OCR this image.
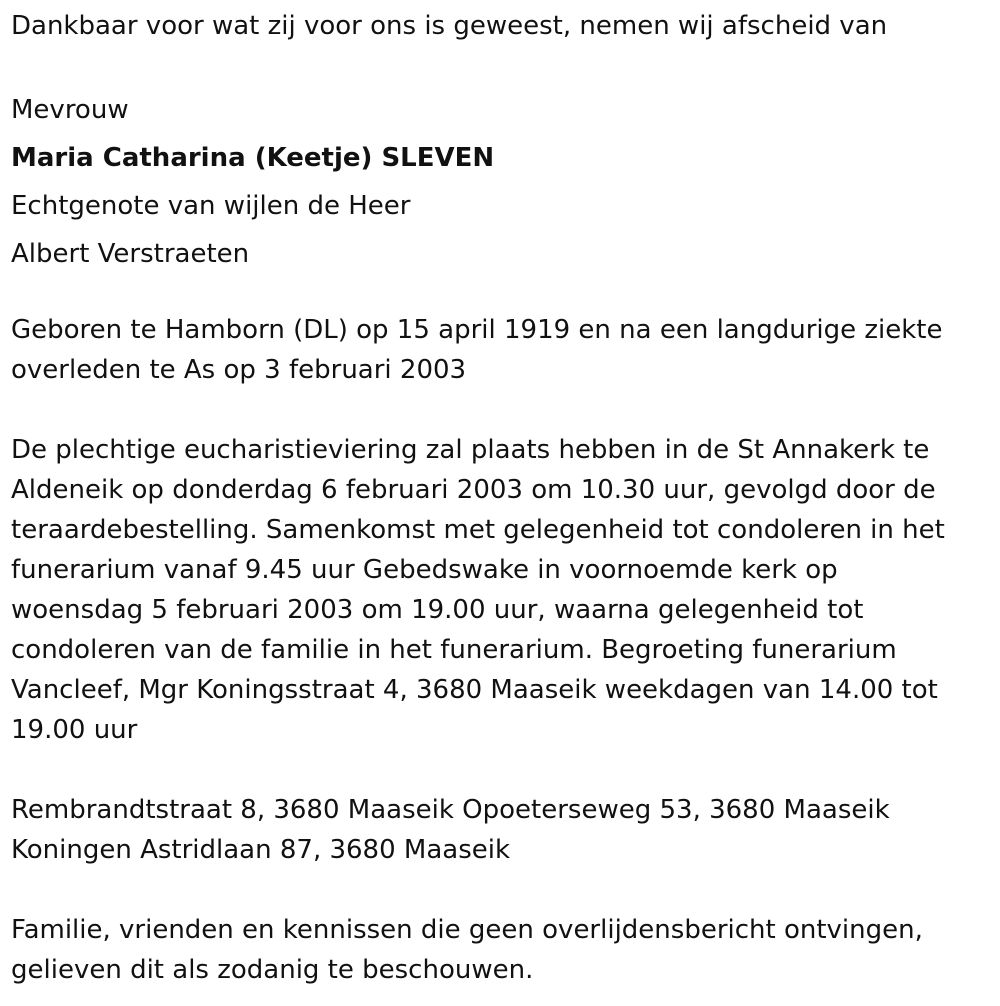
Dankbaar voor wat zij voor ons is geweest, nemen wij afscheid van

Mevrouw

Maria Catharina (Keetje) SLEVEN

Echtgenote van wijlen de Heer

Albert Verstraeten

Geboren te Hamborn (DL) op 15 april 1919 en na een langdurige ziekte

overleden te As op 3 februari 2003

De plechtige eucharistieviering zal plaats hebben in de St Annakerk te

Aldeneik op donderdag 6 februari 2003 om 10.30 uur, gevolgd door de

teraardebestelling. Samenkomst met gelegenheid tot condoleren in het

funerarium vanaf 9.45 uur Gebedswake in voornoemde kerk op

woensdag 5 februari 2003 om 19.00 uur, waarna gelegenheid tot

condoleren van de familie in het funerarium. Begroeting funerarium

Vancleef, Mgr Koningsstraat 4, 3680 Maaseik weekdagen van 14.00 tot

19.00 uur

Rembrandtstraat 8, 3680 Maaseik Opoeterseweg 53, 3680 Maaseik

Koningen Astridlaan 87, 3680 Maaseik

Familie, vrienden en kennissen die geen overlijdensbericht ontvingen,

gelieven dit als zodanig te beschouwen.
